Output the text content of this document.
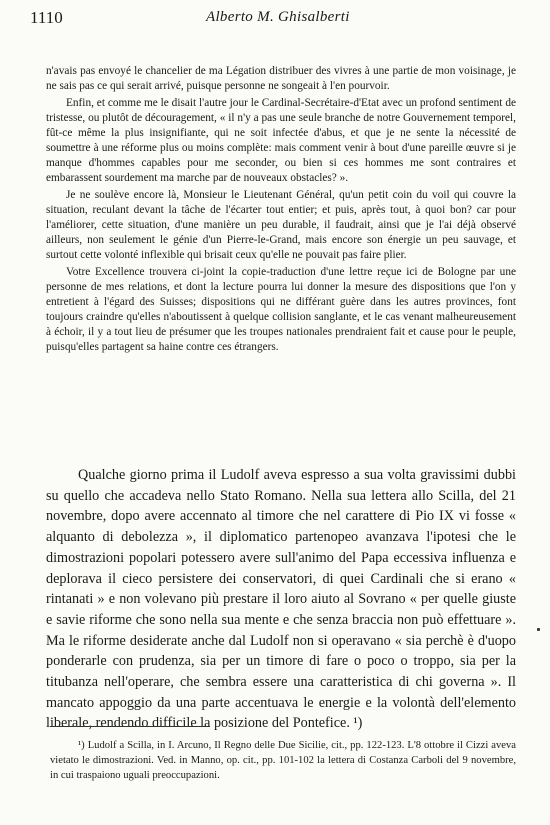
1110	Alberto M. Ghisalberti

n'avais pas envoyé le chancelier de ma Légation distribuer des vivres à une partie de mon voisinage, je ne sais pas ce qui serait arrivé, puisque personne ne songeait à l'en pourvoir.

Enfin, et comme me le disait l'autre jour le Cardinal-Secrétaire-d'Etat avec un profond sentiment de tristesse, ou plutôt de découragement, « il n'y a pas une seule branche de notre Gouvernement temporel, fût-ce même la plus insignifiante, qui ne soit infectée d'abus, et que je ne sente la nécessité de soumettre à une réforme plus ou moins complète: mais comment venir à bout d'une pareille œuvre si je manque d'hommes capables pour me seconder, ou bien si ces hommes me sont contraires et embarassent sourdement ma marche par de nouveaux obstacles? ».

Je ne soulève encore là, Monsieur le Lieutenant Général, qu'un petit coin du voil qui couvre la situation, reculant devant la tâche de l'écarter tout entier; et puis, après tout, à quoi bon? car pour l'améliorer, cette situation, d'une manière un peu durable, il faudrait, ainsi que je l'ai déjà observé ailleurs, non seulement le génie d'un Pierre-le-Grand, mais encore son énergie un peu sauvage, et surtout cette volonté inflexible qui brisait ceux qu'elle ne pouvait pas faire plier.

Votre Excellence trouvera ci-joint la copie-traduction d'une lettre reçue ici de Bologne par une personne de mes relations, et dont la lecture pourra lui donner la mesure des dispositions que l'on y entretient à l'égard des Suisses; dispositions qui ne différant guère dans les autres provinces, font toujours craindre qu'elles n'aboutissent à quelque collision sanglante, et le cas venant malheureusement à échoir, il y a tout lieu de présumer que les troupes nationales prendraient fait et cause pour le peuple, puisqu'elles partagent sa haine contre ces étrangers.

Qualche giorno prima il Ludolf aveva espresso a sua volta gravissimi dubbi su quello che accadeva nello Stato Romano. Nella sua lettera allo Scilla, del 21 novembre, dopo avere accennato al timore che nel carattere di Pio IX vi fosse « alquanto di debolezza », il diplomatico partenopeo avanzava l'ipotesi che le dimostrazioni popolari potessero avere sull'animo del Papa eccessiva influenza e deplorava il cieco persistere dei conservatori, di quei Cardinali che si erano « rintanati » e non volevano più prestare il loro aiuto al Sovrano « per quelle giuste e savie riforme che sono nella sua mente e che senza braccia non può effettuare ». Ma le riforme desiderate anche dal Ludolf non si operavano « sia perchè è d'uopo ponderarle con prudenza, sia per un timore di fare o poco o troppo, sia per la titubanza nell'operare, che sembra essere una caratteristica di chi governa ». Il mancato appoggio da una parte accentuava le energie e la volontà dell'elemento liberale, rendendo difficile la posizione del Pontefice. ¹)

¹) Ludolf a Scilla, in I. Arcuno, Il Regno delle Due Sicilie, cit., pp. 122-123. L'8 ottobre il Cizzi aveva vietato le dimostrazioni. Ved. in Manno, op. cit., pp. 101-102 la lettera di Costanza Carboli del 9 novembre, in cui traspaiono uguali preoccupazioni.
